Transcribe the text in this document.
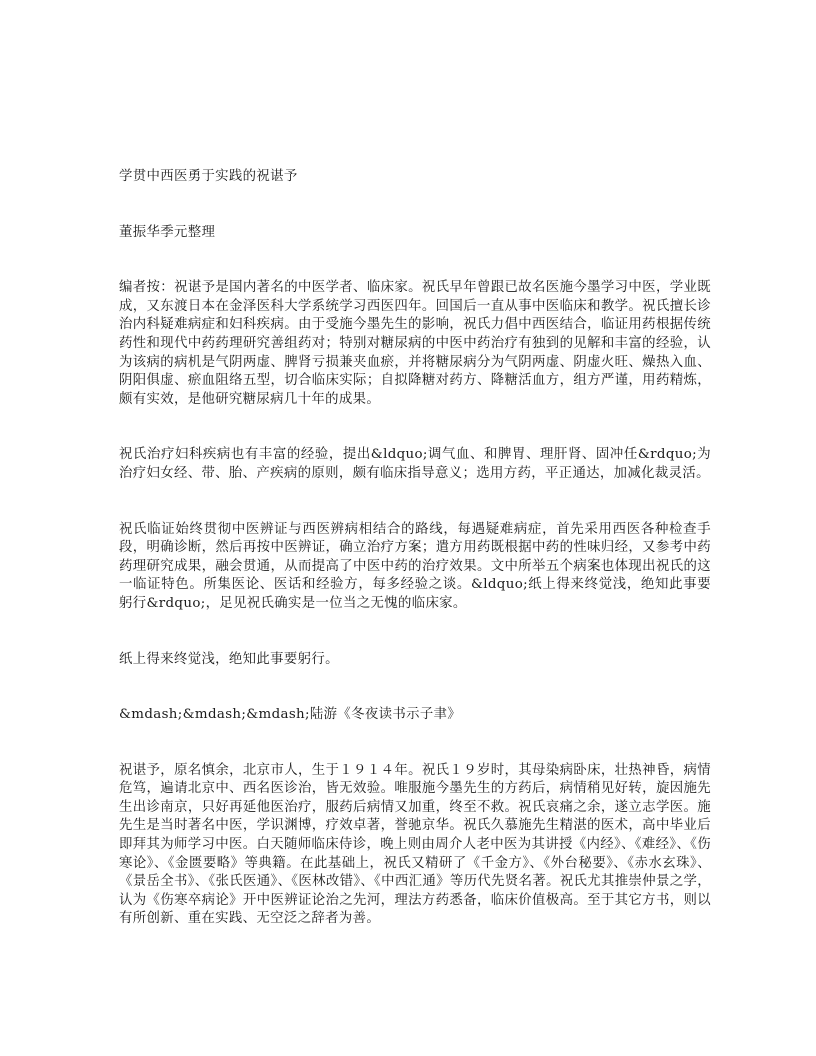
学贯中西医勇于实践的祝谌予

董振华季元整理

编者按：祝谌予是国内著名的中医学者、临床家。祝氏早年曾跟已故名医施今墨学习中医，学业既成，又东渡日本在金泽医科大学系统学习西医四年。回国后一直从事中医临床和教学。祝氏擅长诊治内科疑难病症和妇科疾病。由于受施今墨先生的影响，祝氏力倡中西医结合，临证用药根据传统药性和现代中药药理研究善组药对；特别对糖尿病的中医中药治疗有独到的见解和丰富的经验，认为该病的病机是气阴两虚、脾肾亏损兼夹血瘀，并将糖尿病分为气阴两虚、阴虚火旺、燥热入血、阴阳俱虚、瘀血阻络五型，切合临床实际；自拟降糖对药方、降糖活血方，组方严谨，用药精炼，颇有实效，是他研究糖尿病几十年的成果。

祝氏治疗妇科疾病也有丰富的经验，提出&ldquo;调气血、和脾胃、理肝肾、固冲任&rdquo;为治疗妇女经、带、胎、产疾病的原则，颇有临床指导意义；选用方药，平正通达，加减化裁灵活。

祝氏临证始终贯彻中医辨证与西医辨病相结合的路线，每遇疑难病症，首先采用西医各种检查手段，明确诊断，然后再按中医辨证，确立治疗方案；遣方用药既根据中药的性味归经，又参考中药药理研究成果，融会贯通，从而提高了中医中药的治疗效果。文中所举五个病案也体现出祝氏的这一临证特色。所集医论、医话和经验方，每多经验之谈。&ldquo;纸上得来终觉浅，绝知此事要躬行&rdquo;，足见祝氏确实是一位当之无愧的临床家。

纸上得来终觉浅，绝知此事要躬行。

&mdash;&mdash;&mdash;陆游《冬夜读书示子聿》

祝谌予，原名慎余，北京市人，生于１９１４年。祝氏１９岁时，其母染病卧床，壮热神昏，病情危笃，遍请北京中、西名医诊治，皆无效验。唯服施今墨先生的方药后，病情稍见好转，旋因施先生出诊南京，只好再延他医治疗，服药后病情又加重，终至不救。祝氏哀痛之余，遂立志学医。施先生是当时著名中医，学识渊博，疗效卓著，誉驰京华。祝氏久慕施先生精湛的医术，高中毕业后即拜其为师学习中医。白天随师临床侍诊，晚上则由周介人老中医为其讲授《内经》、《难经》、《伤寒论》、《金匮要略》等典籍。在此基础上，祝氏又精研了《千金方》、《外台秘要》、《赤水玄珠》、《景岳全书》、《张氏医通》、《医林改错》、《中西汇通》等历代先贤名著。祝氏尤其推崇仲景之学，认为《伤寒卒病论》开中医辨证论治之先河，理法方药悉备，临床价值极高。至于其它方书，则以有所创新、重在实践、无空泛之辞者为善。
